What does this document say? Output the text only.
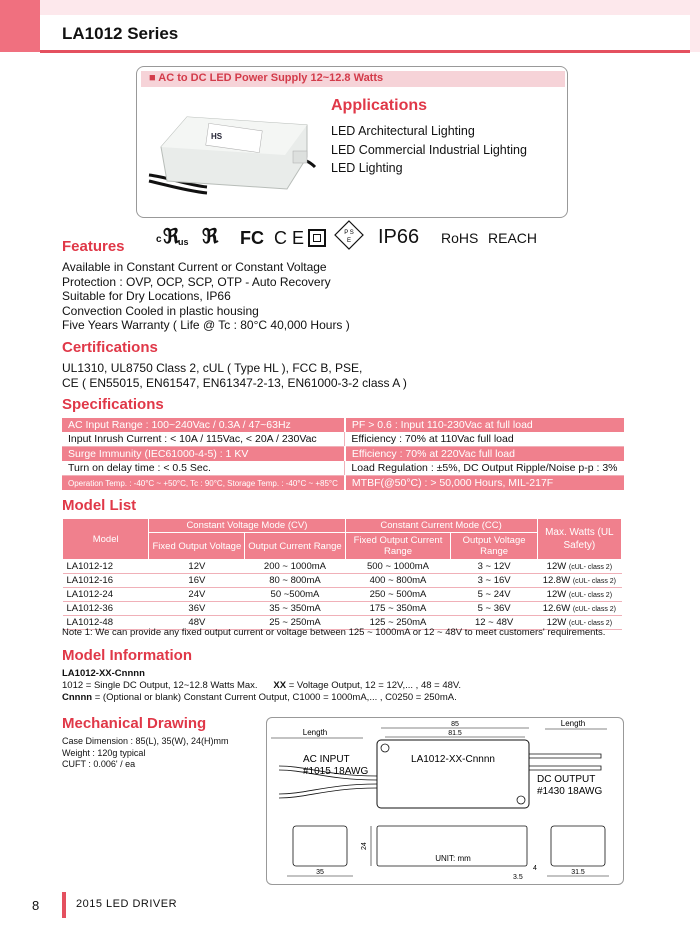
LA1012 Series
■ AC to DC LED Power Supply 12~12.8 Watts
HS
Applications
LED Architectural Lighting
LED Commercial Industrial Lighting
LED Lighting
c ℜ
us ℜ FC C E	P S
E IP66 RoHS REACH
Features
Available in Constant Current or Constant Voltage
Protection : OVP, OCP, SCP, OTP - Auto Recovery
Suitable for Dry Locations, IP66
Convection Cooled in plastic housing
Five Years Warranty ( Life @ Tc : 80°C 40,000 Hours )
Certifications
UL1310, UL8750 Class 2, cUL ( Type HL ), FCC B, PSE,
CE ( EN55015, EN61547, EN61347-2-13, EN61000-3-2 class A )
Specifications
AC Input Range : 100~240Vac / 0.3A / 47~63Hz	PF > 0.6 : Input 110-230Vac at full load
Input Inrush Current : < 10A / 115Vac, < 20A / 230Vac	Efficiency : 70% at 110Vac full load
Surge Immunity (IEC61000-4-5) : 1 KV	Efficiency : 70% at 220Vac full load
Turn on delay time : < 0.5 Sec.	Load Regulation : ±5%, DC Output Ripple/Noise p-p : 3%
Operation Temp. : -40°C ~ +50°C, Tc : 90°C, Storage Temp. : -40°C ~ +85°C	MTBF(@50°C) : > 50,000 Hours, MIL-217F
Model List
Model	Constant Voltage Mode (CV)		Constant Current Mode (CC)		Max. Watts (UL Safety)
	Fixed Output Voltage	Output Current Range	Fixed Output Current Range	Output Voltage Range	
LA1012-12	12V	200 ~ 1000mA	500 ~ 1000mA	3 ~ 12V	12W (cUL- class 2)
LA1012-16	16V	80 ~ 800mA	400 ~ 800mA	3 ~ 16V	12.8W (cUL- class 2)
LA1012-24	24V	50 ~500mA	250 ~ 500mA	5 ~ 24V	12W (cUL- class 2)
LA1012-36	36V	35 ~ 350mA	175 ~ 350mA	5 ~ 36V	12.6W (cUL- class 2)
LA1012-48	48V	25 ~ 250mA	125 ~ 250mA	12 ~ 48V	12W (cUL- class 2)
Note 1: We can provide any fixed output current or voltage between 125 ~ 1000mA or 12 ~ 48V to meet customers' requirements.
Model Information
LA1012-XX-Cnnnn
1012 = Single DC Output, 12~12.8 Watts Max. XX = Voltage Output, 12 = 12V,... , 48 = 48V.
Cnnnn = (Optional or blank) Constant Current Output, C1000 = 1000mA,... , C0250 = 250mA.
Mechanical Drawing
Case Dimension : 85(L), 35(W), 24(H)mm
Weight : 120g typical
CUFT : 0.006' / ea
Length
85
81.5
Length
LA1012-XX-Cnnnn
AC INPUT
#1015 18AWG
DC OUTPUT
#1430 18AWG
35
24
UNIT: mm
3.5
4
31.5
8	2015 LED DRIVER
